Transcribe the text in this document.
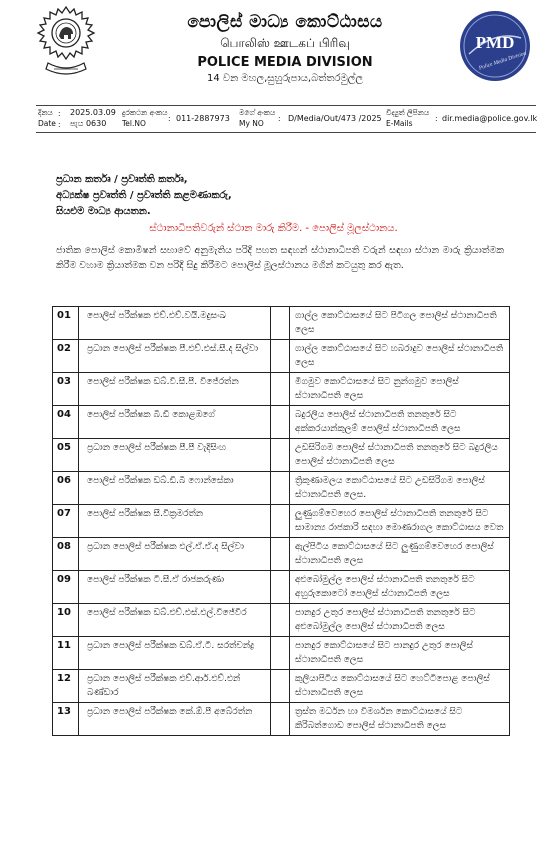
පොලිස් මාධ්‍ය කොට්ඨාසය
பொலிஸ் ஊடகப் பிரிவு
POLICE MEDIA DIVISION
14 වන මහල,සුහුරුපාය,බත්තරමුල්ල
PMD
Police Media Division
දිනය
Date
:
:
2025.03.09
පැය 0630
දුරකථන අංකය
Tel.NO
: 011-2887973
මගේ අංකය
My NO
: D/Media/Out/473 /2025
විද්‍යුත් ලිපිනය
E-Mails
: dir.media@police.gov.lk
ප්‍රධාන කර්තෘ / ප්‍රවෘත්ති කර්තෘ,
අධ්‍යක්ෂ ප්‍රවෘත්ති / ප්‍රවෘත්ති කළමණාකරු,
සියළුම මාධ්‍ය ආයතන.
ස්ථානාධිපතිවරුන් ස්ථාන මාරු කිරීම. - පොලිස් මූලස්ථානය.
ජාතික පොලිස් කොමිෂන් සභාවේ අනුමැතිය පරිදි පහත සඳහන් ස්ථානාධිපති වරුන් සඳහා ස්ථාන මාරු ක්‍රියාත්මක කිරීම වහාම ක්‍රියාත්මක වන පරිදි සිදු කිරීමට පොලිස් මූලස්ථානය මගින් කටයුතු කර ඇත.
01	පොලිස් පරීක්ෂක එච්.එච්.වයි.මදුසංඛ		ගාල්ල කොට්ඨාසයේ සිට පිටිගල පොලිස් ස්ථානාධිපති ලෙස
02	ප්‍රධාන පොලිස් පරීක්ෂක පී.එච්.එස්.සී.ද සිල්වා		ගාල්ල කොට්ඨාසයේ සිට හබරාදුව පොලිස් ස්ථානාධිපති ලෙස
03	පොලිස් පරීක්ෂක ඩබ්.වී.සී.පී. විජේරත්න		මීගමුව කොට්ඨාසයේ සිට නුන්ගමුව පොලිස් ස්ථානාධිපති ලෙස
04	පොලිස් පරීක්ෂක බී.ඩී කොළඹගේ		බදුරලිය පොලිස් ස්ථානාධිපති තනතුරේ සිට අක්කරයාන්කුලම් පොලිස් ස්ථානාධිපති ලෙස
05	ප්‍රධාන පොලිස් පරීක්ෂක පී.පී වැදිසිංහ		උඩසිරිගම පොලිස් ස්ථානාධිපති තනතුරේ සිට බදුරලිය පොලිස් ස්ථානාධිපති ලෙස
06	පොලිස් පරීක්ෂක ඩබ්.ඩී.බී ෆොන්සේකා		ත්‍රිකුණාමලය කොට්ඨාසයේ සිට උඩසිරිගම පොලිස් ස්ථානාධිපති ලෙස.
07	පොලිස් පරීක්ෂක සී.වික්‍රමරත්න		ලුණුගම්වෙහෙර පොලිස් ස්ථානාධිපති තනතුරේ සිට සාමාන්‍ය රාජකාරි සඳහා මොණරාගල කොට්ඨාසය වෙත
08	ප්‍රධාන පොලිස් පරීක්ෂක එල්.ඒ.ඒ.ද සිල්වා		ඇල්පිටිය කොට්ඨාසයේ සිට ලුණුගම්වෙහෙර පොලිස් ස්ථානාධිපති ලෙස
09	පොලිස් පරීක්ෂක ටී.සී.ඒ රාජකරුණා		අළුබෝමුල්ල පොලිස් ස්ථානාධිපති තනතුරේ සිට අහුරුකොටෝ පොලිස් ස්ථානාධිපති ලෙස
10	පොලිස් පරීක්ෂක ඩබ්.එච්.එස්.එල්.විජේවීර		පානදුර උතුර පොලිස් ස්ථානාධිපති තනතුරේ සිට අළුබෝමුල්ල පොලිස් ස්ථානාධිපති ලෙස
11	ප්‍රධාන පොලිස් පරීක්ෂක ඩබ්.ඒ.ටී. සරත්චන්ද්‍ර		පානදුර කොට්ඨාසයේ සිට පානදුර උතුර පොලිස් ස්ථානාධිපති ලෙස
12	ප්‍රධාන පොලිස් පරීක්ෂක එච්.ආර්.එච්.එන් බණ්ඩාර		කුලියාපිටිය කොට්ඨාසයේ සිට හෙට්ටිපොළ පොලිස් ස්ථානාධිපති ලෙස
13	ප්‍රධාන පොලිස් පරීක්ෂක කේ.ඕ.පී අබේරත්න		ත්‍රස්ත මර්ධන හා විමර්ශන කොට්ඨාසයේ සිට කිරිබත්ගොඩ පොලිස් ස්ථානාධිපති ලෙස
